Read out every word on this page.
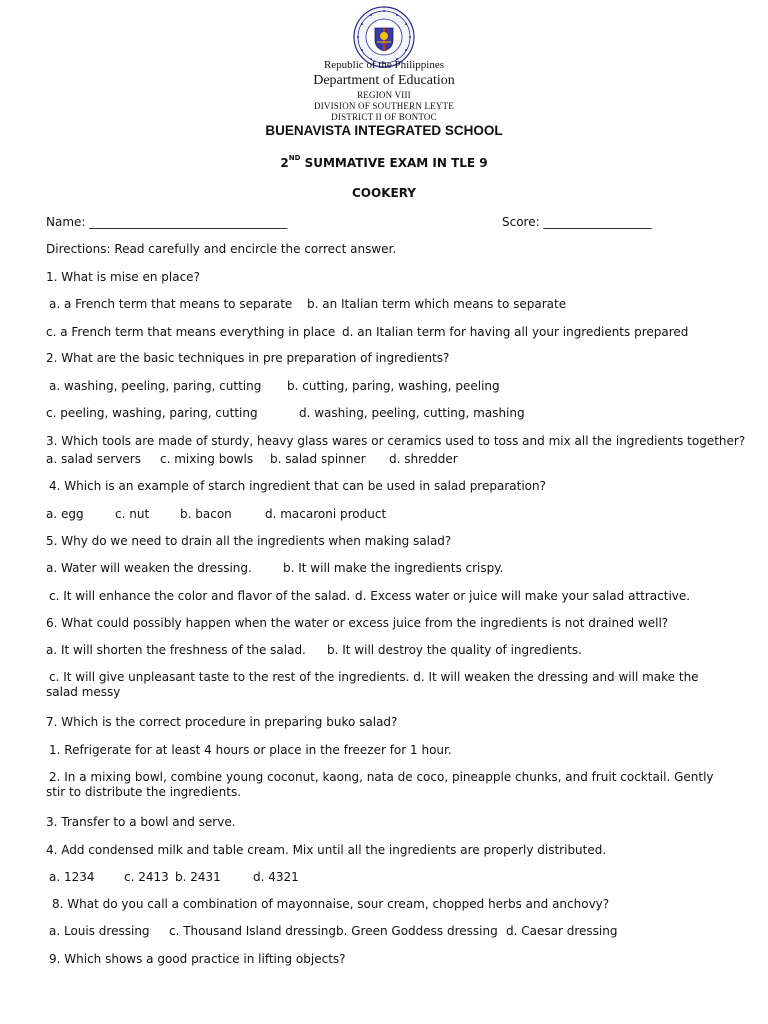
Republic of the Philippines
Department of Education
REGION VIII
DIVISION OF SOUTHERN LEYTE
DISTRICT II OF BONTOC
BUENAVISTA INTEGRATED SCHOOL
2ND SUMMATIVE EXAM IN TLE 9
COOKERY
Name: _________________________________	Score: __________________
Directions: Read carefully and encircle the correct answer.
1. What is mise en place?
a. a French term that means to separate b. an Italian term which means to separate
c. a French term that means everything in place d. an Italian term for having all your ingredients prepared
2. What are the basic techniques in pre preparation of ingredients?
a. washing, peeling, paring, cutting b. cutting, paring, washing, peeling
c. peeling, washing, paring, cutting	d. washing, peeling, cutting, mashing
3. Which tools are made of sturdy, heavy glass wares or ceramics used to toss and mix all the ingredients together?
a. salad servers c. mixing bowls b. salad spinner d. shredder
4. Which is an example of starch ingredient that can be used in salad preparation?
a. egg	c. nut	b. bacon	d. macaroni product
5. Why do we need to drain all the ingredients when making salad?
a. Water will weaken the dressing.	b. It will make the ingredients crispy.
c. It will enhance the color and flavor of the salad. d. Excess water or juice will make your salad attractive.
6. What could possibly happen when the water or excess juice from the ingredients is not drained well?
a. It will shorten the freshness of the salad. b. It will destroy the quality of ingredients.
c. It will give unpleasant taste to the rest of the ingredients. d. It will weaken the dressing and will make the salad messy
7. Which is the correct procedure in preparing buko salad?
1. Refrigerate for at least 4 hours or place in the freezer for 1 hour.
2. In a mixing bowl, combine young coconut, kaong, nata de coco, pineapple chunks, and fruit cocktail. Gently stir to distribute the ingredients.
3. Transfer to a bowl and serve.
4. Add condensed milk and table cream. Mix until all the ingredients are properly distributed.
a. 1234 c. 2413 b. 2431	d. 4321
8. What do you call a combination of mayonnaise, sour cream, chopped herbs and anchovy?
a. Louis dressing c. Thousand Island dressing b. Green Goddess dressing d. Caesar dressing
9. Which shows a good practice in lifting objects?
